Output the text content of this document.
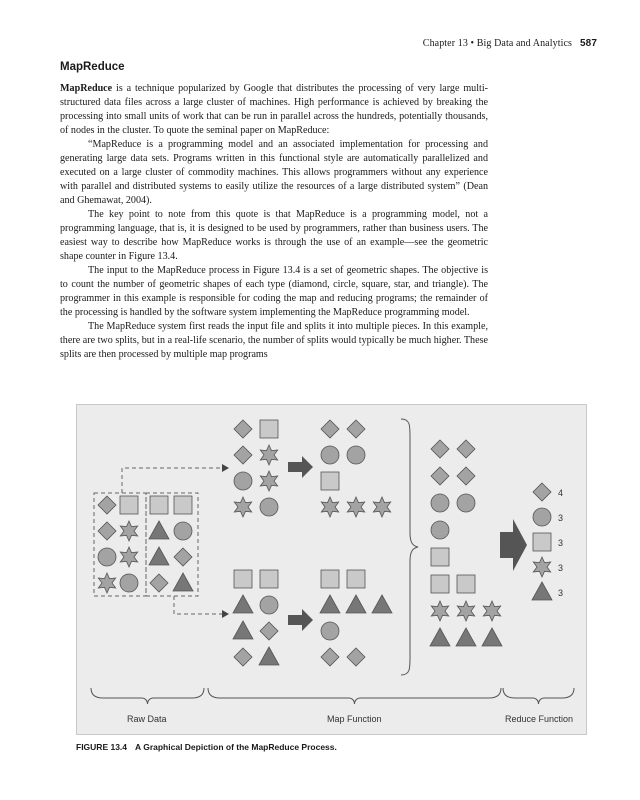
Chapter 13 • Big Data and Analytics 587
MapReduce

MapReduce is a technique popularized by Google that distributes the processing of very large multi-structured data files across a large cluster of machines. High performance is achieved by breaking the processing into small units of work that can be run in parallel across the hundreds, potentially thousands, of nodes in the cluster. To quote the seminal paper on MapReduce:

“MapReduce is a programming model and an associated implementation for processing and generating large data sets. Programs written in this functional style are automatically parallelized and executed on a large cluster of commodity machines. This allows programmers without any experience with parallel and distributed systems to easily utilize the resources of a large distributed system” (Dean and Ghemawat, 2004).

The key point to note from this quote is that MapReduce is a programming model, not a programming language, that is, it is designed to be used by programmers, rather than business users. The easiest way to describe how MapReduce works is through the use of an example—see the geometric shape counter in Figure 13.4.

The input to the MapReduce process in Figure 13.4 is a set of geometric shapes. The objective is to count the number of geometric shapes of each type (diamond, circle, square, star, and triangle). The programmer in this example is responsible for coding the map and reducing programs; the remainder of the processing is handled by the software system implementing the MapReduce programming model.

The MapReduce system first reads the input file and splits it into multiple pieces. In this example, there are two splits, but in a real-life scenario, the number of splits would typically be much higher. These splits are then processed by multiple map programs

4
3
3
3
3
Raw Data	Map Function	Reduce Function
FIGURE 13.4 A Graphical Depiction of the MapReduce Process.
